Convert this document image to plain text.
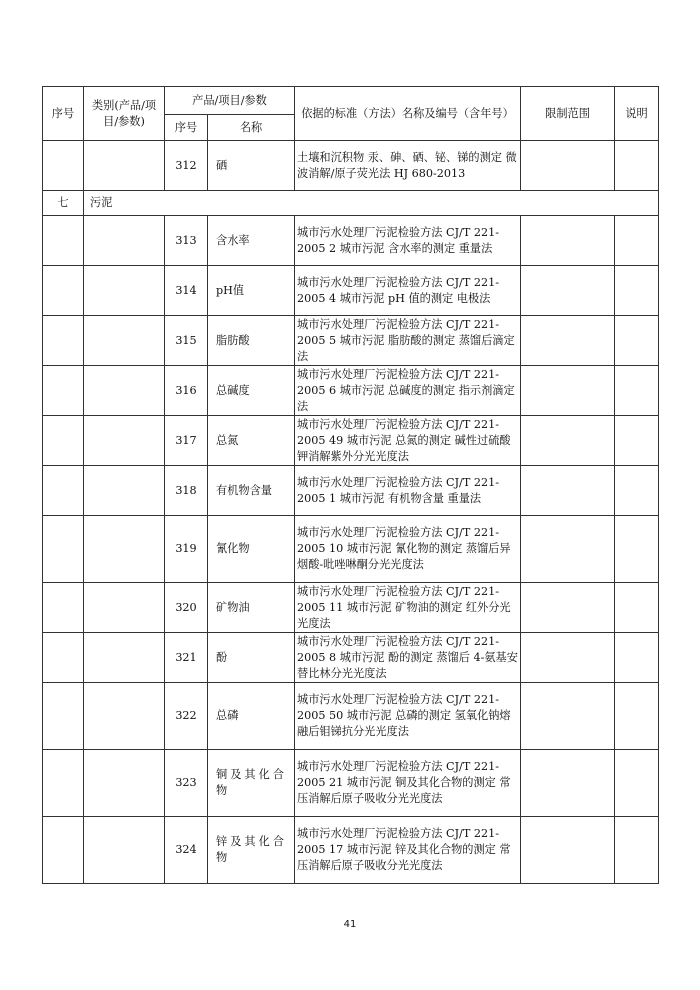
序号	类别(产品/项目/参数)	产品/项目/参数		依据的标准（方法）名称及编号（含年号）	限制范围	说明
		序号	名称			
		312	硒	土壤和沉积物 汞、砷、硒、铋、锑的测定 微波消解/原子荧光法 HJ 680-2013		
七	污泥					
		313	含水率	城市污水处理厂污泥检验方法 CJ/T 221-2005 2 城市污泥 含水率的测定 重量法		
		314	pH值	城市污水处理厂污泥检验方法 CJ/T 221-2005 4 城市污泥 pH 值的测定 电极法		
		315	脂肪酸	城市污水处理厂污泥检验方法 CJ/T 221-2005 5 城市污泥 脂肪酸的测定 蒸馏后滴定法		
		316	总碱度	城市污水处理厂污泥检验方法 CJ/T 221-2005 6 城市污泥 总碱度的测定 指示剂滴定法		
		317	总氮	城市污水处理厂污泥检验方法 CJ/T 221-2005 49 城市污泥 总氮的测定 碱性过硫酸钾消解紫外分光光度法		
		318	有机物含量	城市污水处理厂污泥检验方法 CJ/T 221-2005 1 城市污泥 有机物含量 重量法		
		319	氰化物	城市污水处理厂污泥检验方法 CJ/T 221-2005 10 城市污泥 氰化物的测定 蒸馏后异烟酸-吡唑啉酮分光光度法		
		320	矿物油	城市污水处理厂污泥检验方法 CJ/T 221-2005 11 城市污泥 矿物油的测定 红外分光光度法		
		321	酚	城市污水处理厂污泥检验方法 CJ/T 221-2005 8 城市污泥 酚的测定 蒸馏后 4-氨基安替比林分光光度法		
		322	总磷	城市污水处理厂污泥检验方法 CJ/T 221-2005 50 城市污泥 总磷的测定 氢氧化钠熔融后钼锑抗分光光度法		
		323	铜及其化合物	城市污水处理厂污泥检验方法 CJ/T 221-2005 21 城市污泥 铜及其化合物的测定 常压消解后原子吸收分光光度法		
		324	锌及其化合物	城市污水处理厂污泥检验方法 CJ/T 221-2005 17 城市污泥 锌及其化合物的测定 常压消解后原子吸收分光光度法		
41
